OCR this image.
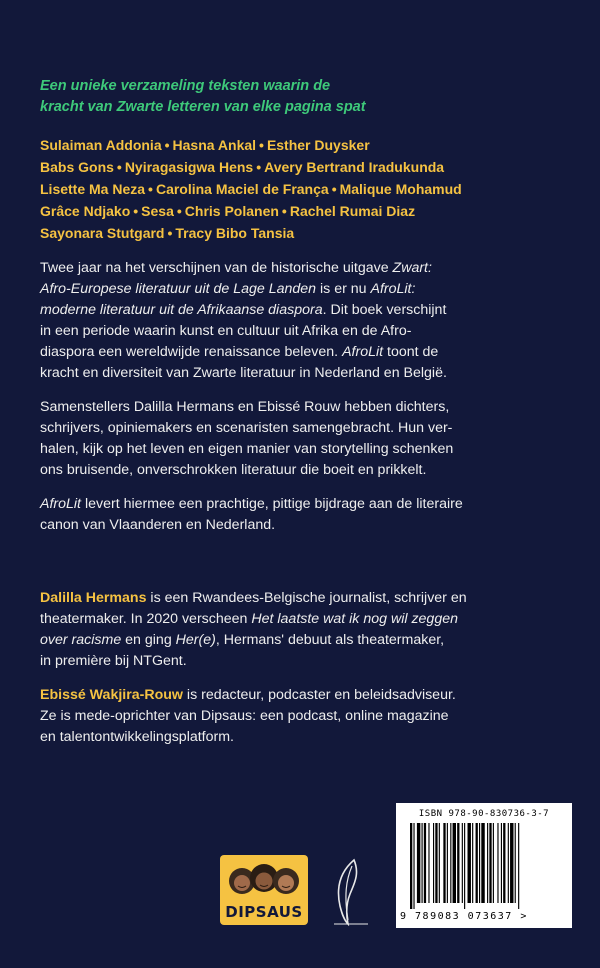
Een unieke verzameling teksten waarin de
kracht van Zwarte letteren van elke pagina spat
Sulaiman Addonia • Hasna Ankal • Esther Duysker
Babs Gons • Nyiragasigwa Hens • Avery Bertrand Iradukunda
Lisette Ma Neza • Carolina Maciel de França • Malique Mohamud
Grâce Ndjako • Sesa • Chris Polanen • Rachel Rumai Diaz
Sayonara Stutgard • Tracy Bibo Tansia

Twee jaar na het verschijnen van de historische uitgave Zwart:
Afro-Europese literatuur uit de Lage Landen is er nu AfroLit:
moderne literatuur uit de Afrikaanse diaspora. Dit boek verschijnt
in een periode waarin kunst en cultuur uit Afrika en de Afro-
diaspora een wereldwijde renaissance beleven. AfroLit toont de
kracht en diversiteit van Zwarte literatuur in Nederland en België.

Samenstellers Dalilla Hermans en Ebissé Rouw hebben dichters,
schrijvers, opiniemakers en scenaristen samengebracht. Hun ver-
halen, kijk op het leven en eigen manier van storytelling schenken
ons bruisende, onverschrokken literatuur die boeit en prikkelt.

AfroLit levert hiermee een prachtige, pittige bijdrage aan de literaire
canon van Vlaanderen en Nederland.

Dalilla Hermans is een Rwandees-Belgische journalist, schrijver en
theatermaker. In 2020 verscheen Het laatste wat ik nog wil zeggen
over racisme en ging Her(e), Hermans' debuut als theatermaker,
in première bij NTGent.

Ebissé Wakjira-Rouw is redacteur, podcaster en beleidsadviseur.
Ze is mede-oprichter van Dipsaus: een podcast, online magazine
en talentontwikkelingsplatform.

DIPSAUS
ISBN 978-90-830736-3-7
9 789083 073637 >
